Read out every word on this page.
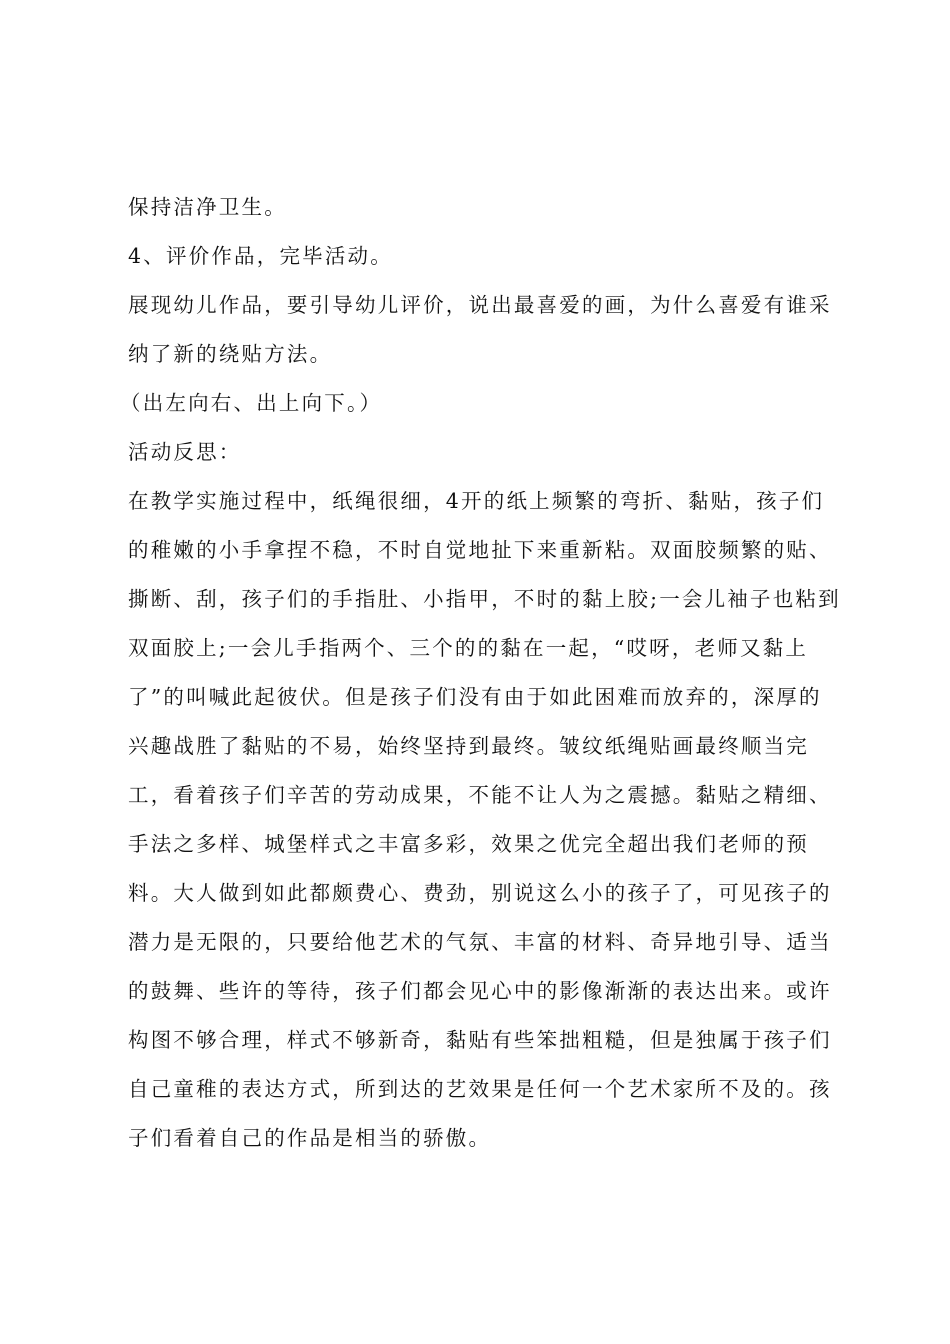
保持洁净卫生。
4、评价作品，完毕活动。
展现幼儿作品，要引导幼儿评价，说出最喜爱的画，为什么喜爱有谁采
纳了新的绕贴方法。
（出左向右、出上向下。）
活动反思：
在教学实施过程中，纸绳很细，4开的纸上频繁的弯折、黏贴，孩子们
的稚嫩的小手拿捏不稳，不时自觉地扯下来重新粘。双面胶频繁的贴、
撕断、刮，孩子们的手指肚、小指甲，不时的黏上胶;一会儿袖子也粘到
双面胶上;一会儿手指两个、三个的的黏在一起，“哎呀，老师又黏上
了”的叫喊此起彼伏。但是孩子们没有由于如此困难而放弃的，深厚的
兴趣战胜了黏贴的不易，始终坚持到最终。皱纹纸绳贴画最终顺当完
工，看着孩子们辛苦的劳动成果，不能不让人为之震撼。黏贴之精细、
手法之多样、城堡样式之丰富多彩，效果之优完全超出我们老师的预
料。大人做到如此都颇费心、费劲，别说这么小的孩子了，可见孩子的
潜力是无限的，只要给他艺术的气氛、丰富的材料、奇异地引导、适当
的鼓舞、些许的等待，孩子们都会见心中的影像渐渐的表达出来。或许
构图不够合理，样式不够新奇，黏贴有些笨拙粗糙，但是独属于孩子们
自己童稚的表达方式，所到达的艺效果是任何一个艺术家所不及的。孩
子们看着自己的作品是相当的骄傲。
